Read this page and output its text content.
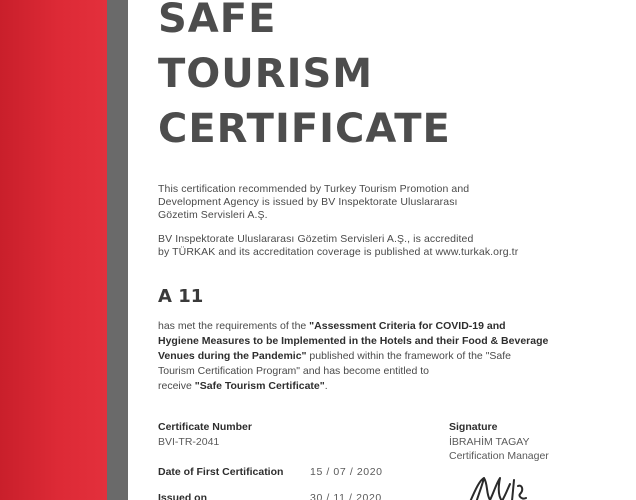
SAFE
TOURISM
CERTIFICATE
This certification recommended by Turkey Tourism Promotion and
Development Agency is issued by BV Inspektorate Uluslararası
Gözetim Servisleri A.Ş.
BV Inspektorate Uluslararası Gözetim Servisleri A.Ş., is accredited
by TÜRKAK and its accreditation coverage is published at www.turkak.org.tr
A 11
has met the requirements of the "Assessment Criteria for COVID-19 and
Hygiene Measures to be Implemented in the Hotels and their Food & Beverage
Venues during the Pandemic" published within the framework of the "Safe
Tourism Certification Program" and has become entitled to
receive "Safe Tourism Certificate".
Certificate Number
BVI-TR-2041
Date of First Certification	15 / 07 / 2020
Issued on	30 / 11 / 2020
Signature
İBRAHİM TAGAY
Certification Manager
